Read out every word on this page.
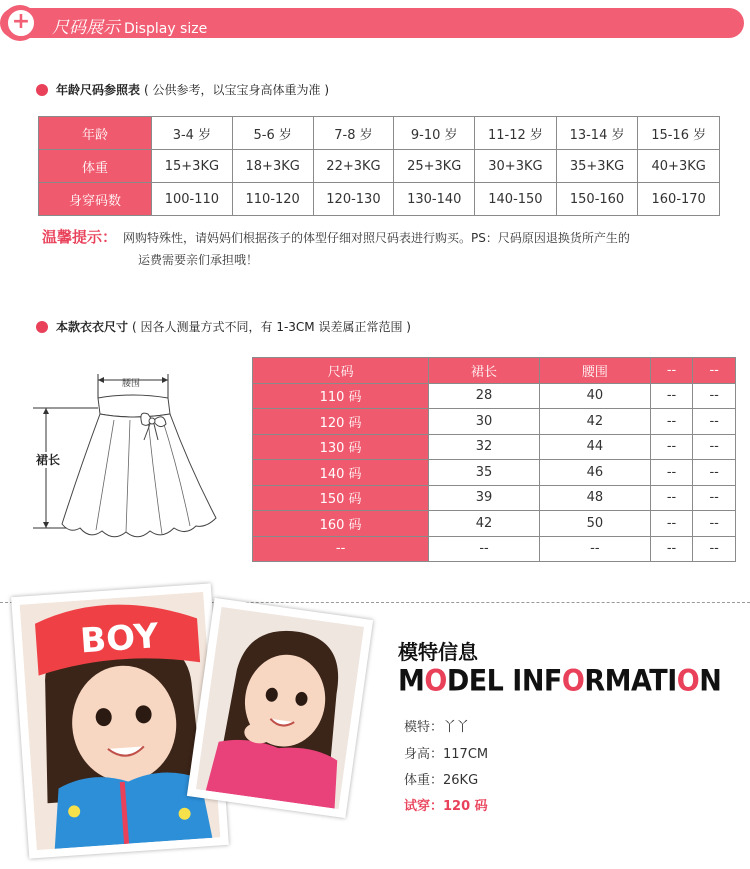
+ 尺码展示 Display size
年龄尺码参照表 ( 公供参考，以宝宝身高体重为准 )
年龄	3-4 岁	5-6 岁	7-8 岁	9-10 岁	11-12 岁	13-14 岁	15-16 岁
体重	15+3KG	18+3KG	22+3KG	25+3KG	30+3KG	35+3KG	40+3KG
身穿码数	100-110	110-120	120-130	130-140	140-150	150-160	160-170
温馨提示： 网购特殊性，请妈妈们根据孩子的体型仔细对照尺码表进行购买。PS：尺码原因退换货所产生的
运费需要亲们承担哦！
本款衣衣尺寸 ( 因各人测量方式不同，有 1-3CM 误差属正常范围 )
腰围
裙长
尺码	裙长	腰围	--	--
110 码	28	40	--	--
120 码	30	42	--	--
130 码	32	44	--	--
140 码	35	46	--	--
150 码	39	48	--	--
160 码	42	50	--	--
--	--	--	--	--
BOY	模特信息
MODEL INFORMATION
模特：丫丫
身高：117CM
体重：26KG
试穿：120 码
